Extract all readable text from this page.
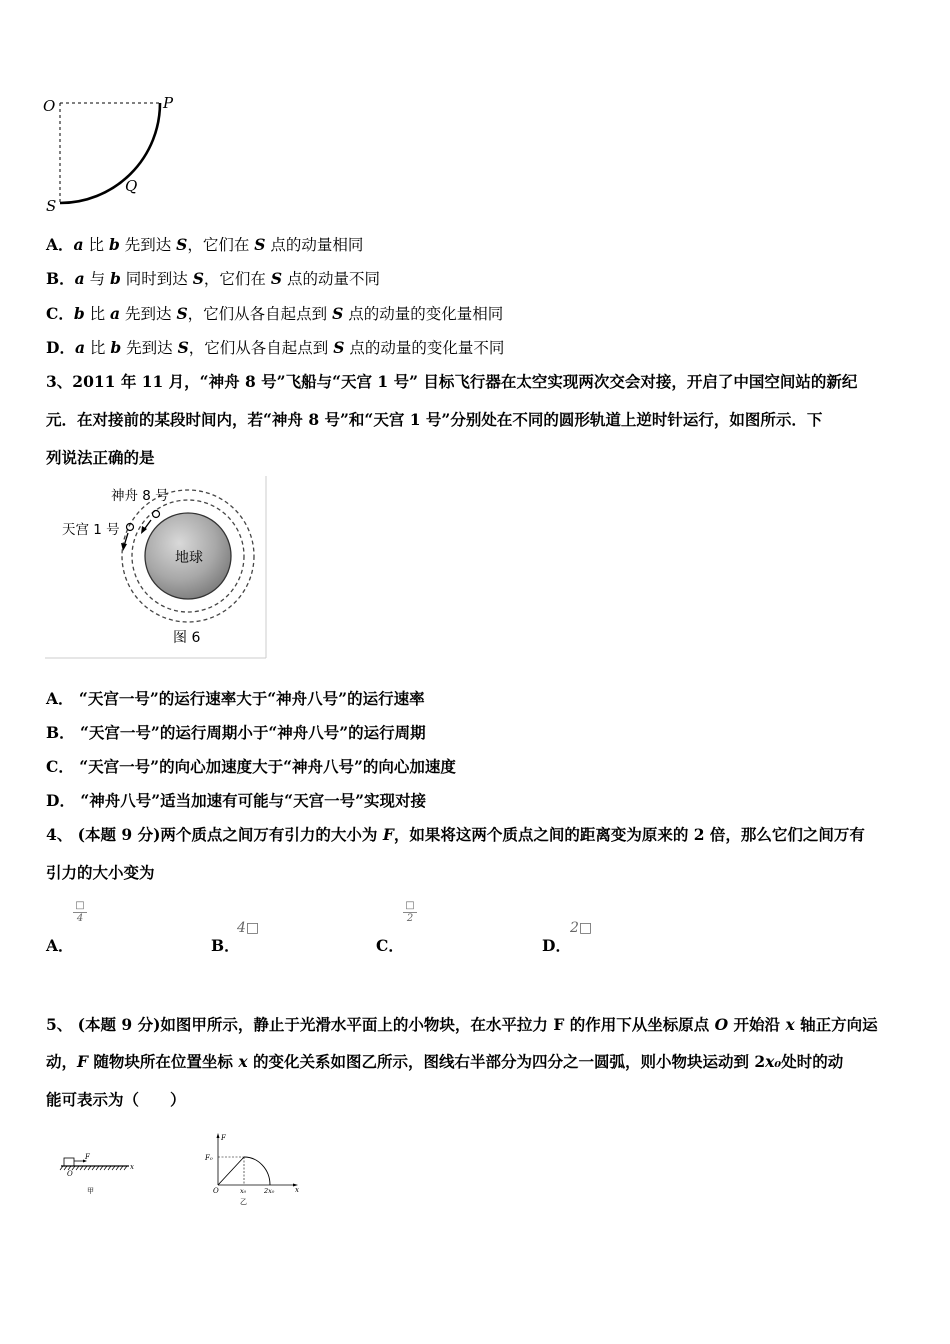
O	P
Q
S
A．a 比 b 先到达 S，它们在 S 点的动量相同
B．a 与 b 同时到达 S，它们在 S 点的动量不同
C．b 比 a 先到达 S，它们从各自起点到 S 点的动量的变化量相同
D．a 比 b 先到达 S，它们从各自起点到 S 点的动量的变化量不同
3、2011 年 11 月，“神舟 8 号”飞船与“天宫 1 号” 目标飞行器在太空实现两次交会对接，开启了中国空间站的新纪
元．在对接前的某段时间内，若“神舟 8 号”和“天宫 1 号”分别处在不同的圆形轨道上逆时针运行，如图所示．下
列说法正确的是
地球
神舟 8 号
天宫 1 号
图 6
A． “天宫一号”的运行速率大于“神舟八号”的运行速率
B． “天宫一号”的运行周期小于“神舟八号”的运行周期
C． “天宫一号”的向心加速度大于“神舟八号”的向心加速度
D． “神舟八号”适当加速有可能与“天宫一号”实现对接
4、 (本题 9 分)两个质点之间万有引力的大小为 F，如果将这两个质点之间的距离变为原来的 2 倍，那么它们之间万有
引力的大小变为
A．
□
4
B．
4□
C．
□
2
D．
2□
5、 (本题 9 分)如图甲所示，静止于光滑水平面上的小物块，在水平拉力 F 的作用下从坐标原点 O 开始沿 x 轴正方向运
动，F 随物块所在位置坐标 x 的变化关系如图乙所示，图线右半部分为四分之一圆弧，则小物块运动到 2x₀处时的动
能可表示为（　　）
F
O
x
甲
F
F₀
O	x₀	2x₀	x
乙
